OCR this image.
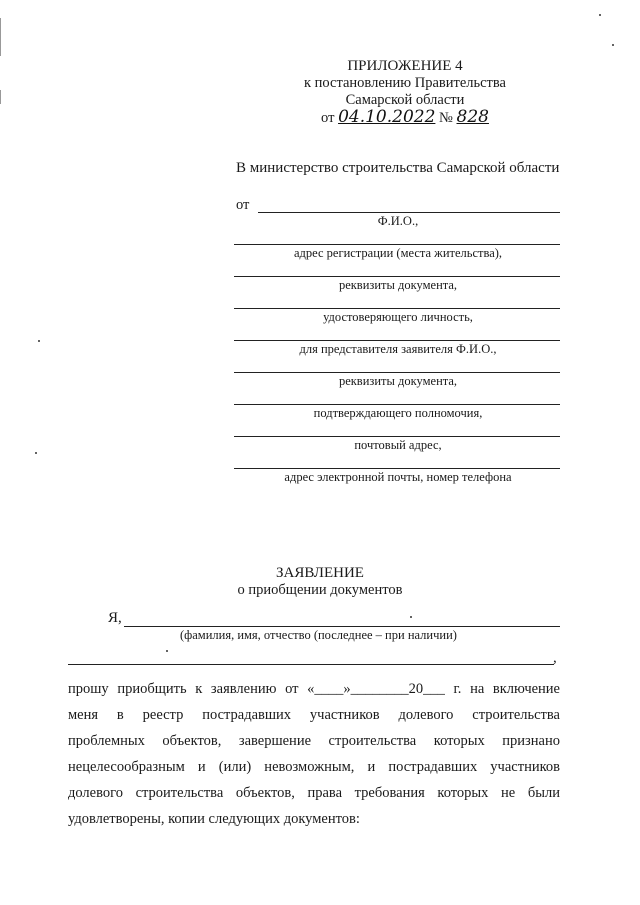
ПРИЛОЖЕНИЕ 4
к постановлению Правительства
Самарской области
от 04.10.2022 № 828
В министерство строительства Самарской области
от
Ф.И.О.,
адрес регистрации (места жительства),
реквизиты документа,
удостоверяющего личность,
для представителя заявителя Ф.И.О.,
реквизиты документа,
подтверждающего полномочия,
почтовый адрес,
адрес электронной почты, номер телефона
ЗАЯВЛЕНИЕ
о приобщении документов
Я,
(фамилия, имя, отчество (последнее – при наличии)
,

прошу приобщить к заявлению от «____»________20___ г. на включение

меня в реестр пострадавших участников долевого строительства

проблемных объектов, завершение строительства которых признано

нецелесообразным и (или) невозможным, и пострадавших участников

долевого строительства объектов, права требования которых не были

удовлетворены, копии следующих документов:
